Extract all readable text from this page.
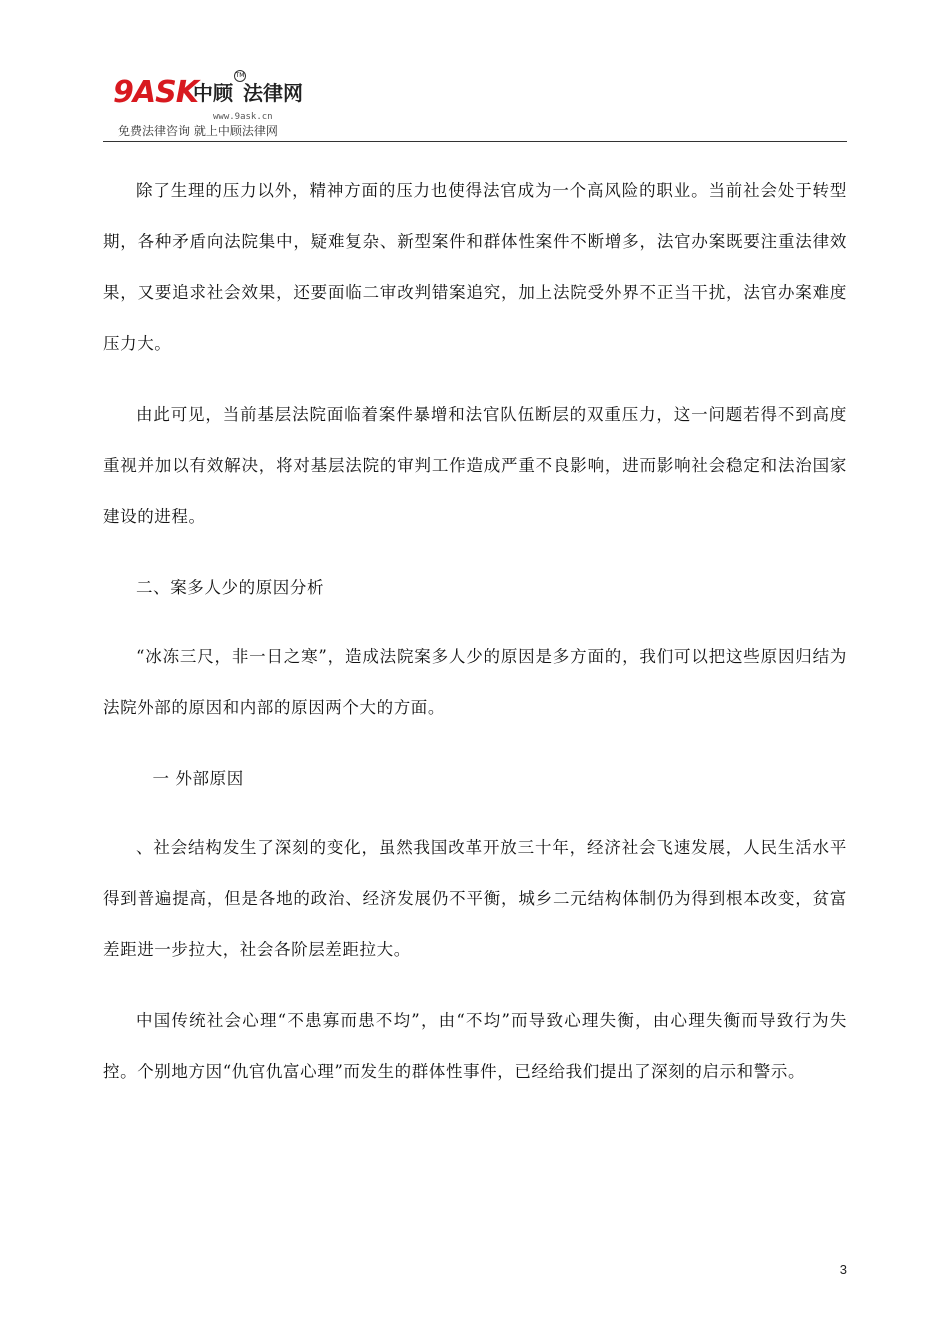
9ASK
中顾 法律网
TM
www.9ask.cn
免费法律咨询 就上中顾法律网

除了生理的压力以外，精神方面的压力也使得法官成为一个高风险的职业。当前社会处于转型期，各种矛盾向法院集中，疑难复杂、新型案件和群体性案件不断增多，法官办案既要注重法律效果，又要追求社会效果，还要面临二审改判错案追究，加上法院受外界不正当干扰，法官办案难度压力大。

由此可见，当前基层法院面临着案件暴增和法官队伍断层的双重压力，这一问题若得不到高度重视并加以有效解决，将对基层法院的审判工作造成严重不良影响，进而影响社会稳定和法治国家建设的进程。

二、案多人少的原因分析

“冰冻三尺，非一日之寒”，造成法院案多人少的原因是多方面的，我们可以把这些原因归结为法院外部的原因和内部的原因两个大的方面。

一 外部原因

、社会结构发生了深刻的变化，虽然我国改革开放三十年，经济社会飞速发展，人民生活水平得到普遍提高，但是各地的政治、经济发展仍不平衡，城乡二元结构体制仍为得到根本改变，贫富差距进一步拉大，社会各阶层差距拉大。

中国传统社会心理“不患寡而患不均”，由“不均”而导致心理失衡，由心理失衡而导致行为失控。个别地方因“仇官仇富心理”而发生的群体性事件，已经给我们提出了深刻的启示和警示。

3
